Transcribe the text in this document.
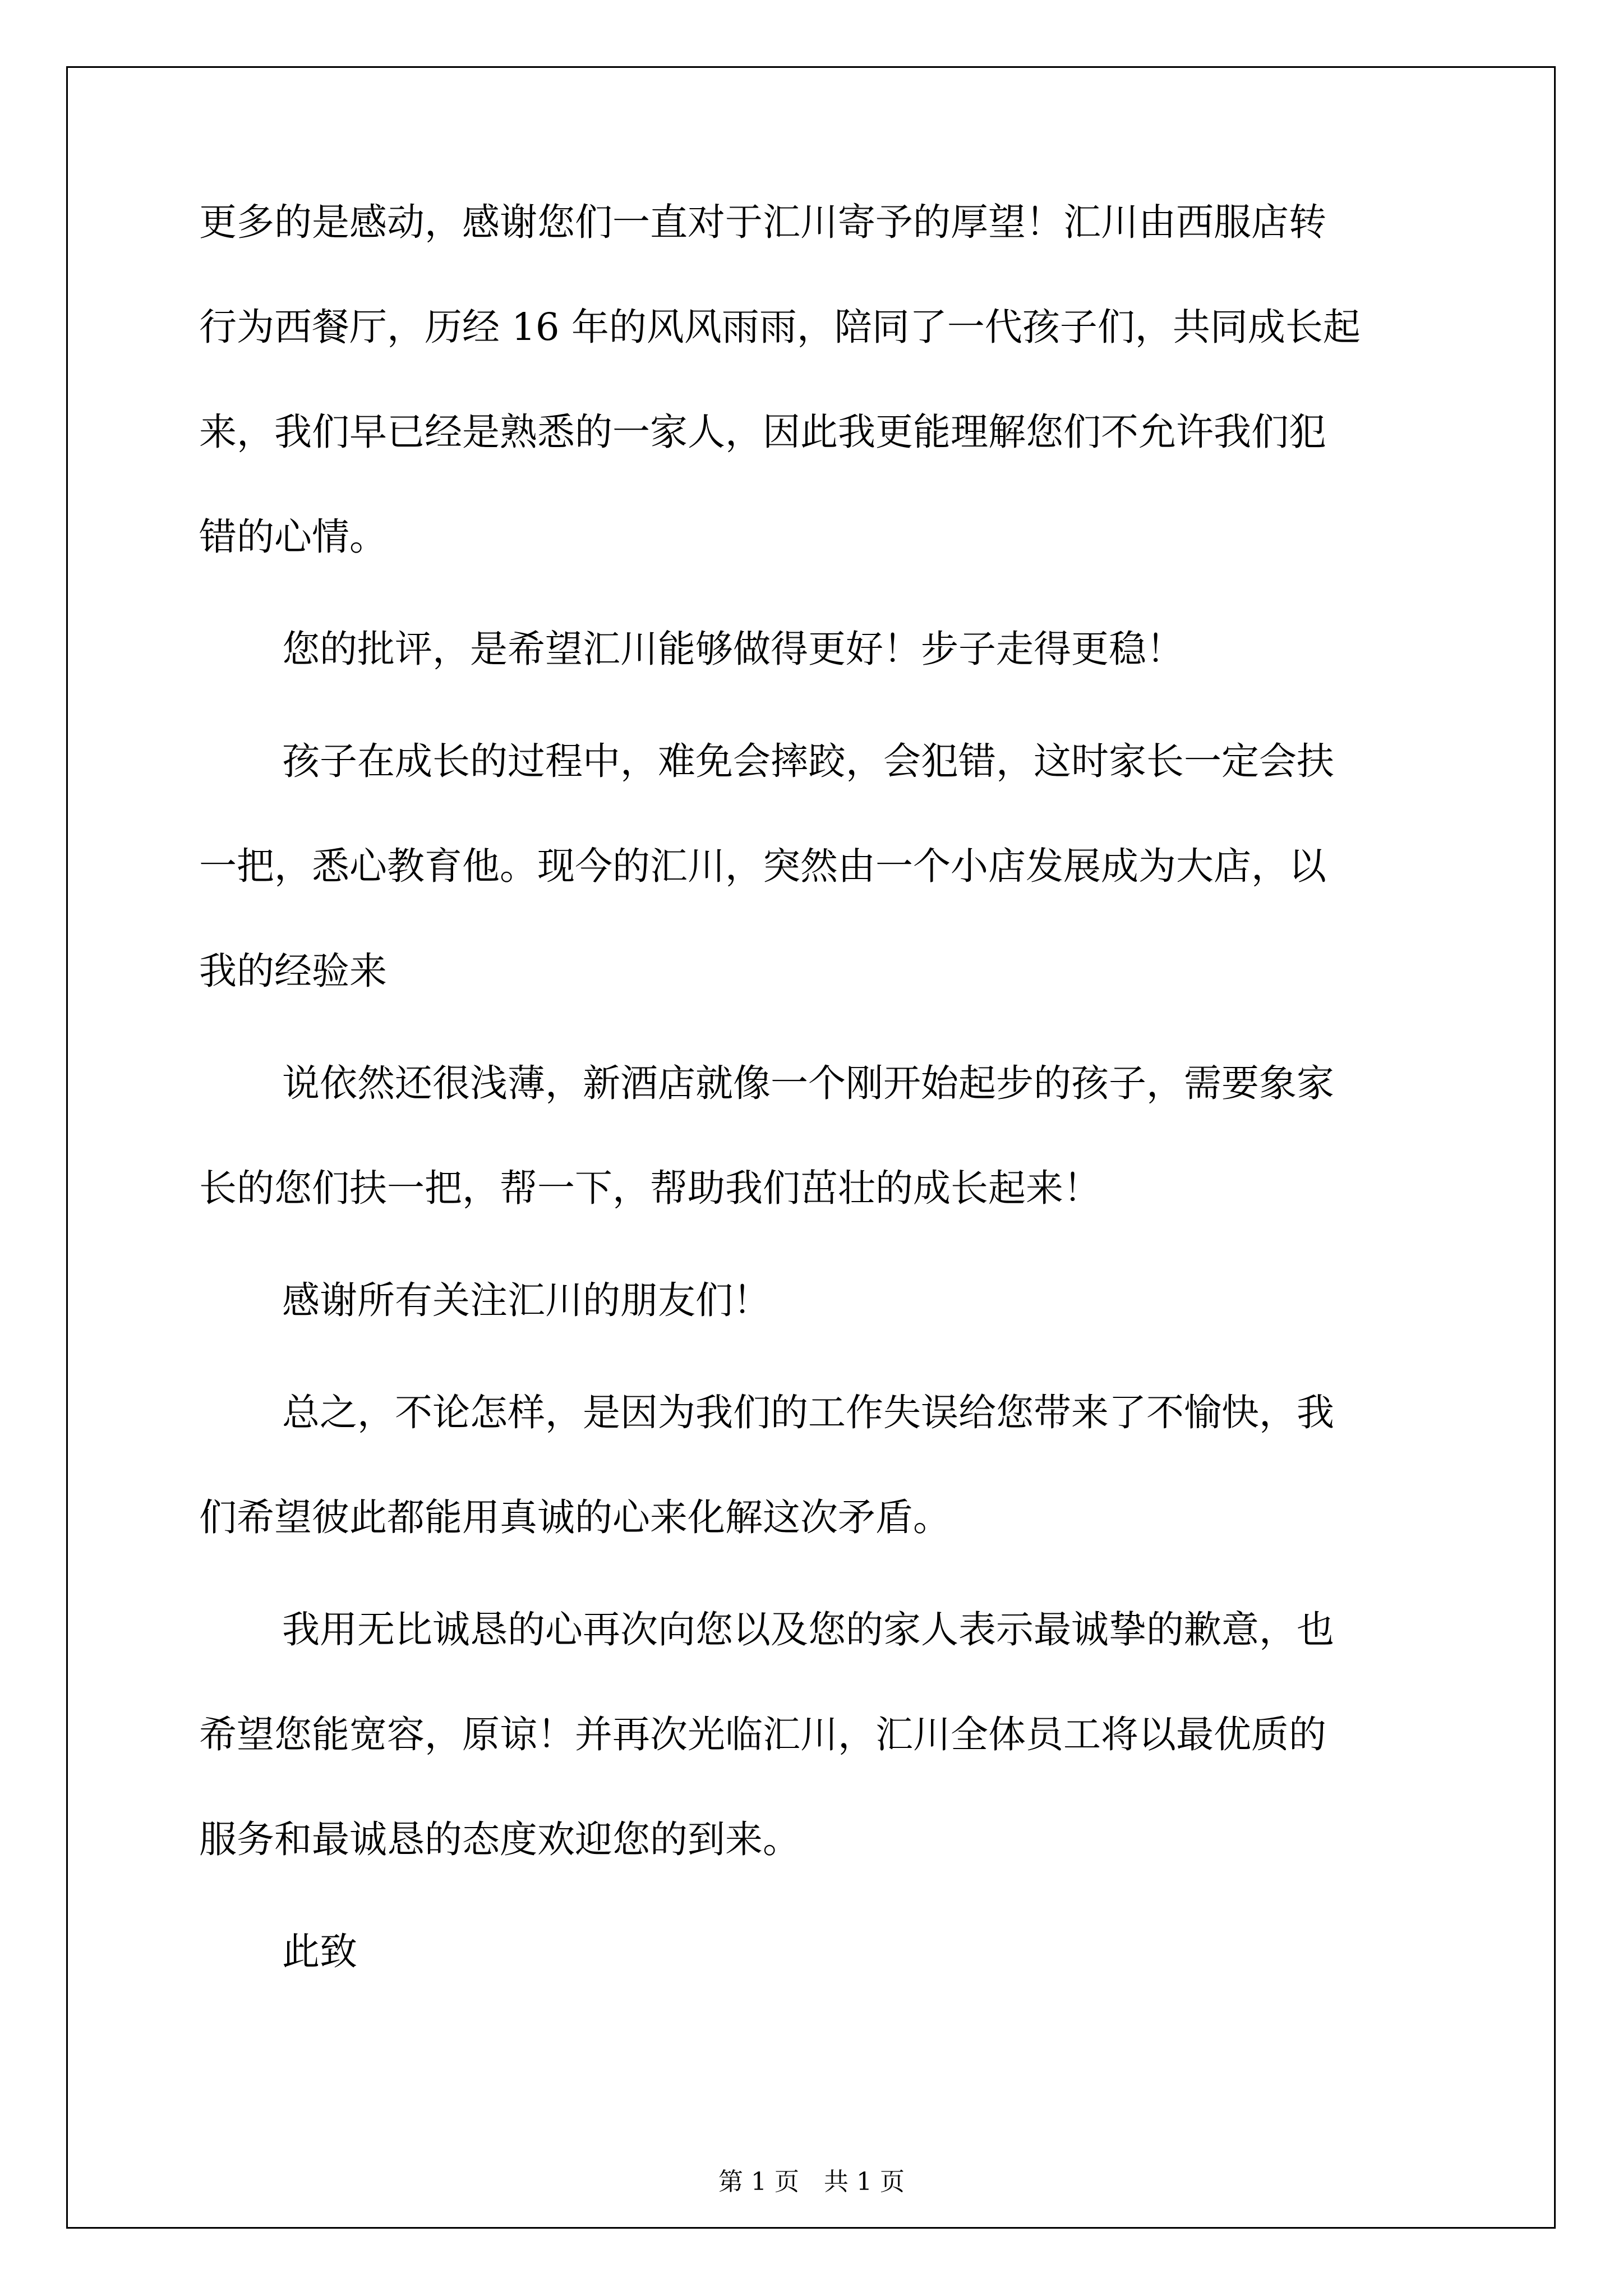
更多的是感动，感谢您们一直对于汇川寄予的厚望！汇川由西服店转
行为西餐厅，历经 16 年的风风雨雨，陪同了一代孩子们，共同成长起
来，我们早已经是熟悉的一家人，因此我更能理解您们不允许我们犯
错的心情。

您的批评，是希望汇川能够做得更好！步子走得更稳！

孩子在成长的过程中，难免会摔跤，会犯错，这时家长一定会扶
一把，悉心教育他。现今的汇川，突然由一个小店发展成为大店，以
我的经验来

说依然还很浅薄，新酒店就像一个刚开始起步的孩子，需要象家
长的您们扶一把，帮一下，帮助我们茁壮的成长起来！

感谢所有关注汇川的朋友们！

总之，不论怎样，是因为我们的工作失误给您带来了不愉快，我
们希望彼此都能用真诚的心来化解这次矛盾。

我用无比诚恳的心再次向您以及您的家人表示最诚挚的歉意，也
希望您能宽容，原谅！并再次光临汇川，汇川全体员工将以最优质的
服务和最诚恳的态度欢迎您的到来。

此致

第 1 页　共 1 页
